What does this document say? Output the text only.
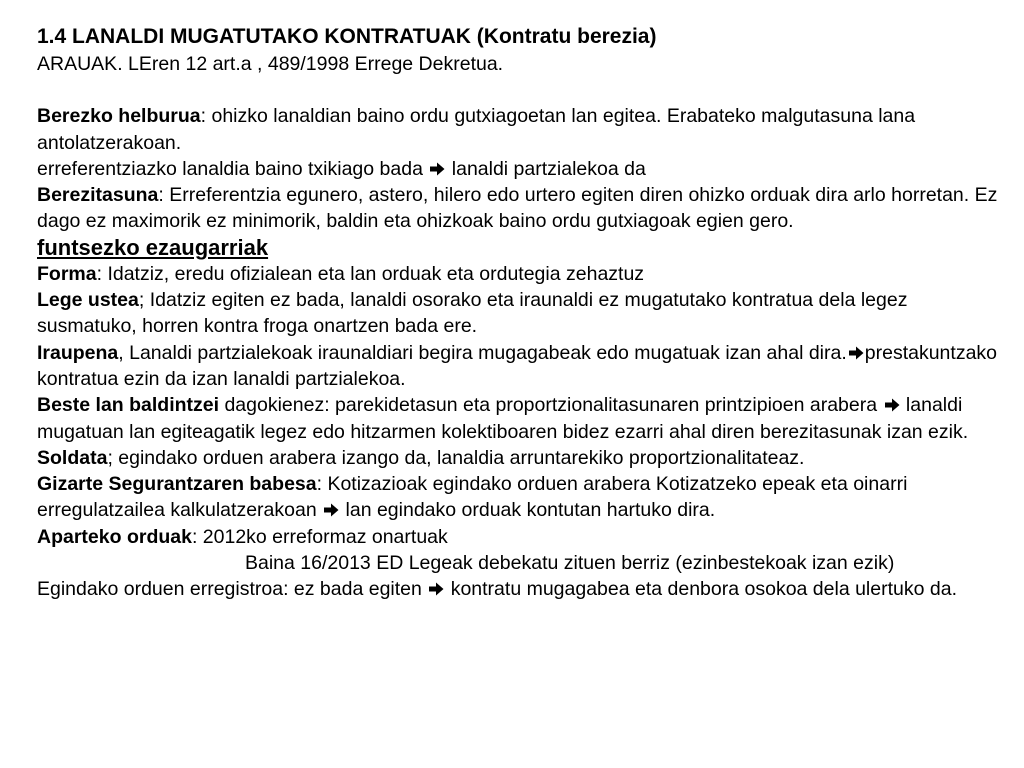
1.4 LANALDI MUGATUTAKO KONTRATUAK (Kontratu berezia)

ARAUAK. LEren 12 art.a , 489/1998 Errege Dekretua.

Berezko helburua: ohizko lanaldian baino ordu gutxiagoetan lan egitea. Erabateko malgutasuna lana antolatzerakoan.

erreferentziazko lanaldia baino txikiago bada
lanaldi partzialekoa da

Berezitasuna: Erreferentzia egunero, astero, hilero edo urtero egiten diren ohizko orduak dira arlo horretan. Ez dago ez maximorik ez minimorik, baldin eta ohizkoak baino ordu gutxiagoak egien gero.

funtsezko ezaugarriak

Forma: Idatziz, eredu ofizialean eta lan orduak eta ordutegia zehaztuz

Lege ustea; Idatziz egiten ez bada, lanaldi osorako eta iraunaldi ez mugatutako kontratua dela legez susmatuko, horren kontra froga onartzen bada ere.

Iraupena, Lanaldi partzialekoak iraunaldiari begira mugagabeak edo mugatuak izan ahal dira. prestakuntzako kontratua ezin da izan lanaldi partzialekoa.

Beste lan baldintzei dagokienez: parekidetasun eta proportzionalitasunaren printzipioen arabera
lanaldi mugatuan lan egiteagatik legez edo hitzarmen kolektiboaren bidez ezarri ahal diren berezitasunak izan ezik.

Soldata; egindako orduen arabera izango da, lanaldia arruntarekiko proportzionalitateaz.

Gizarte Segurantzaren babesa: Kotizazioak egindako orduen arabera Kotizatzeko epeak eta oinarri erregulatzailea kalkulatzerakoan
lan egindako orduak kontutan hartuko dira.

Aparteko orduak: 2012ko erreformaz onartuak

Baina 16/2013 ED Legeak debekatu zituen berriz (ezinbestekoak izan ezik)

Egindako orduen erregistroa: ez bada egiten
kontratu mugagabea eta denbora osokoa dela ulertuko da.
